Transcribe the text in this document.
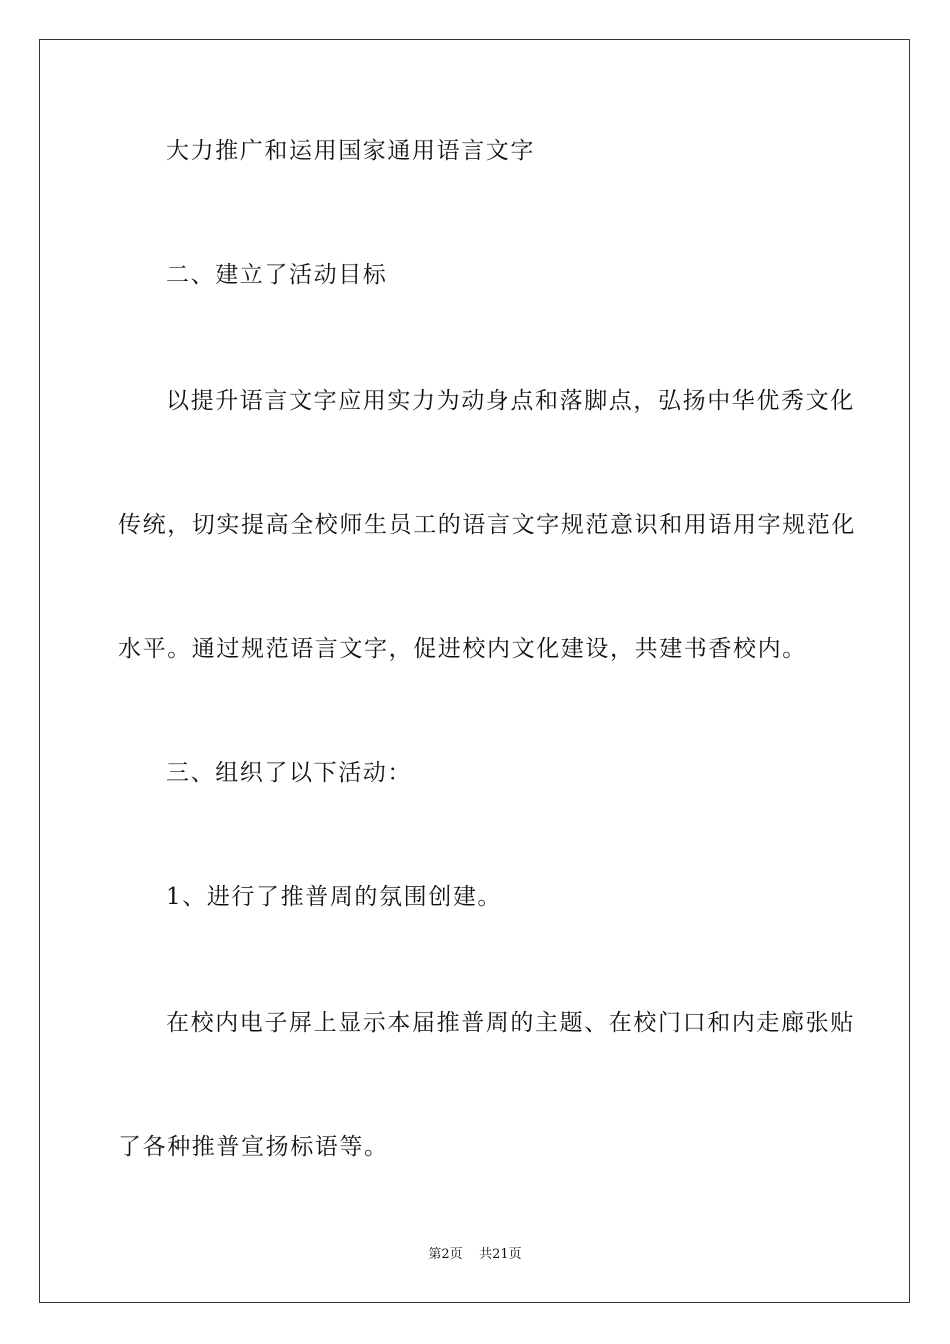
大力推广和运用国家通用语言文字
二、建立了活动目标
以提升语言文字应用实力为动身点和落脚点，弘扬中华优秀文化
传统，切实提高全校师生员工的语言文字规范意识和用语用字规范化
水平。通过规范语言文字，促进校内文化建设，共建书香校内。
三、组织了以下活动：
1、进行了推普周的氛围创建。
在校内电子屏上显示本届推普周的主题、在校门口和内走廊张贴
了各种推普宣扬标语等。
第2页 共21页
